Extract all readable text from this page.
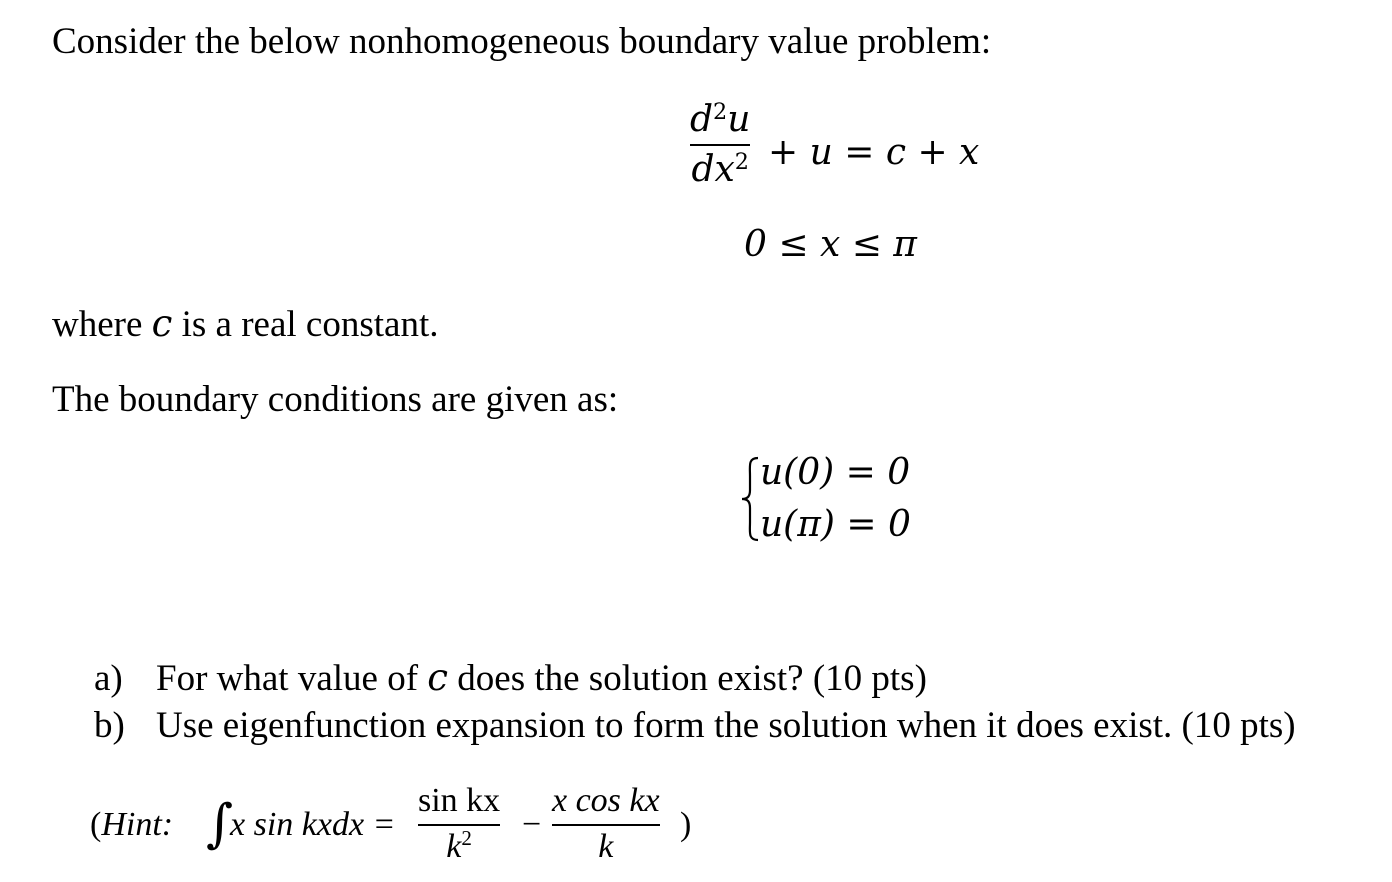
Consider the below nonhomogeneous boundary value problem:
$d^2u$
$dx^2 + u = c + x$
0 ≤ x ≤ π
where c is a real constant.
The boundary conditions are given as:
u(0) = 0
u(π) = 0
a) For what value of c does the solution exist? (10 pts)
b) Use eigenfunction expansion to form the solution when it does exist. (10 pts)
(Hint: ∫
x sin kxdx =
sin kx
$k^2$ −
x cos kx
k
)
